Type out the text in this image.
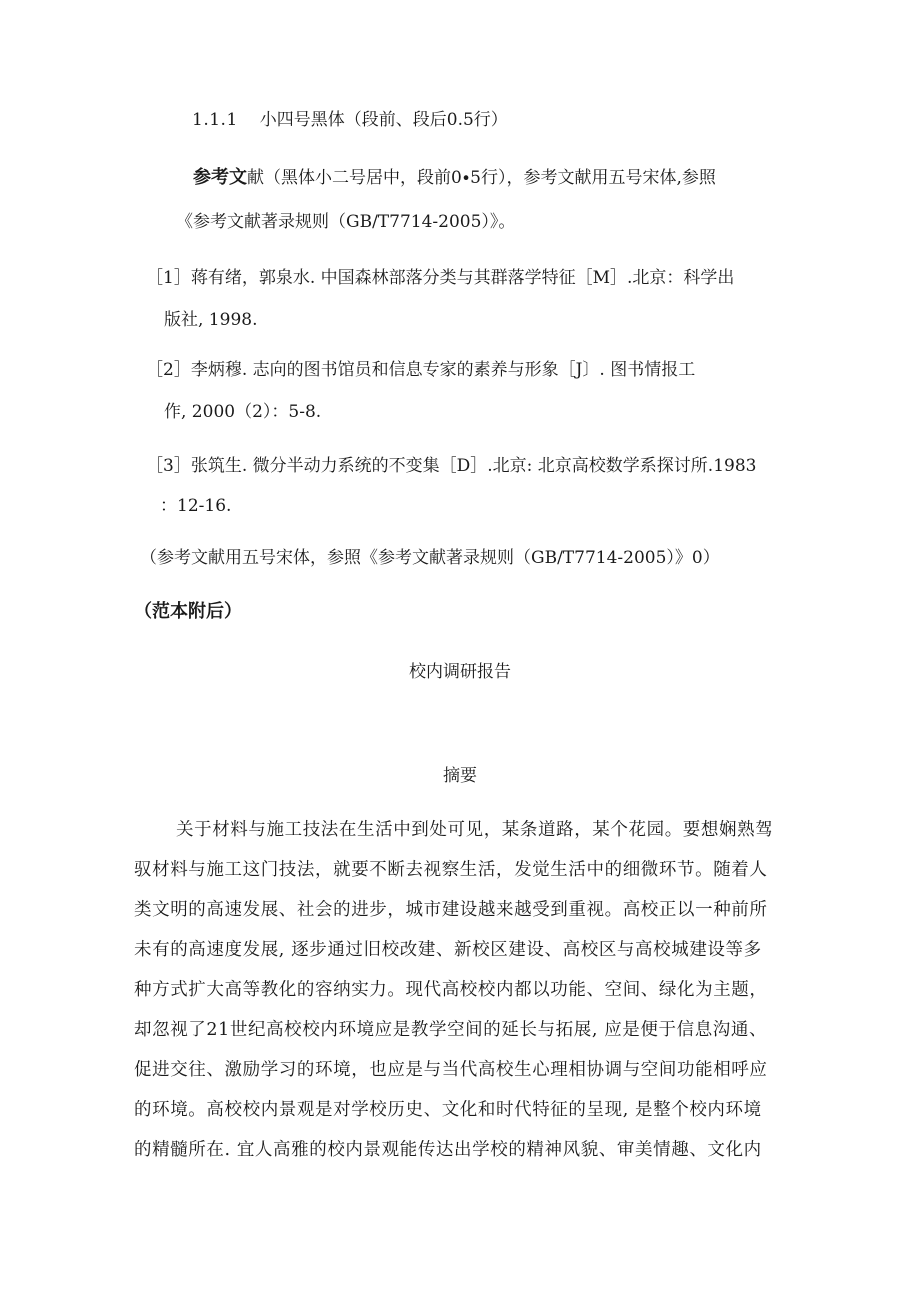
1.1.1 小四号黑体（段前、段后0.5行）
参考文献（黑体小二号居中，段前0∙5行），参考文献用五号宋体,参照
《参考文献著录规则（GB/T7714-2005）》。
［1］蒋有绪，郭泉水. 中国森林部落分类与其群落学特征［M］.北京：科学出
版社, 1998.
［2］李炳穆. 志向的图书馆员和信息专家的素养与形象［J〕. 图书情报工
作, 2000（2）：5-8.
［3］张筑生. 微分半动力系统的不变集［D］.北京: 北京高校数学系探讨所.1983
：12-16.
（参考文献用五号宋体，参照《参考文献著录规则（GB/T7714-2005）》0）
（范本附后）
校内调研报告
摘要
关于材料与施工技法在生活中到处可见，某条道路，某个花园。要想娴熟驾
驭材料与施工这门技法，就要不断去视察生活，发觉生活中的细微环节。随着人
类文明的高速发展、社会的进步，城市建设越来越受到重视。高校正以一种前所
未有的高速度发展, 逐步通过旧校改建、新校区建设、高校区与高校城建设等多
种方式扩大高等教化的容纳实力。现代高校校内都以功能、空间、绿化为主题，
却忽视了21世纪高校校内环境应是教学空间的延长与拓展, 应是便于信息沟通、
促进交往、激励学习的环境，也应是与当代高校生心理相协调与空间功能相呼应
的环境。高校校内景观是对学校历史、文化和时代特征的呈现, 是整个校内环境
的精髓所在. 宜人高雅的校内景观能传达出学校的精神风貌、审美情趣、文化内
